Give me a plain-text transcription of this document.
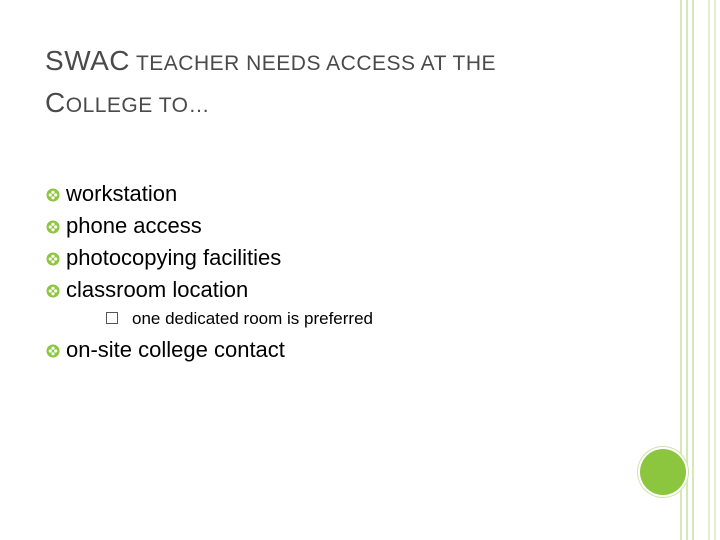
SWAC TEACHER NEEDS ACCESS AT THE
COLLEGE TO…
workstation
phone access
photocopying facilities
classroom location
one dedicated room is preferred
on-site college contact
